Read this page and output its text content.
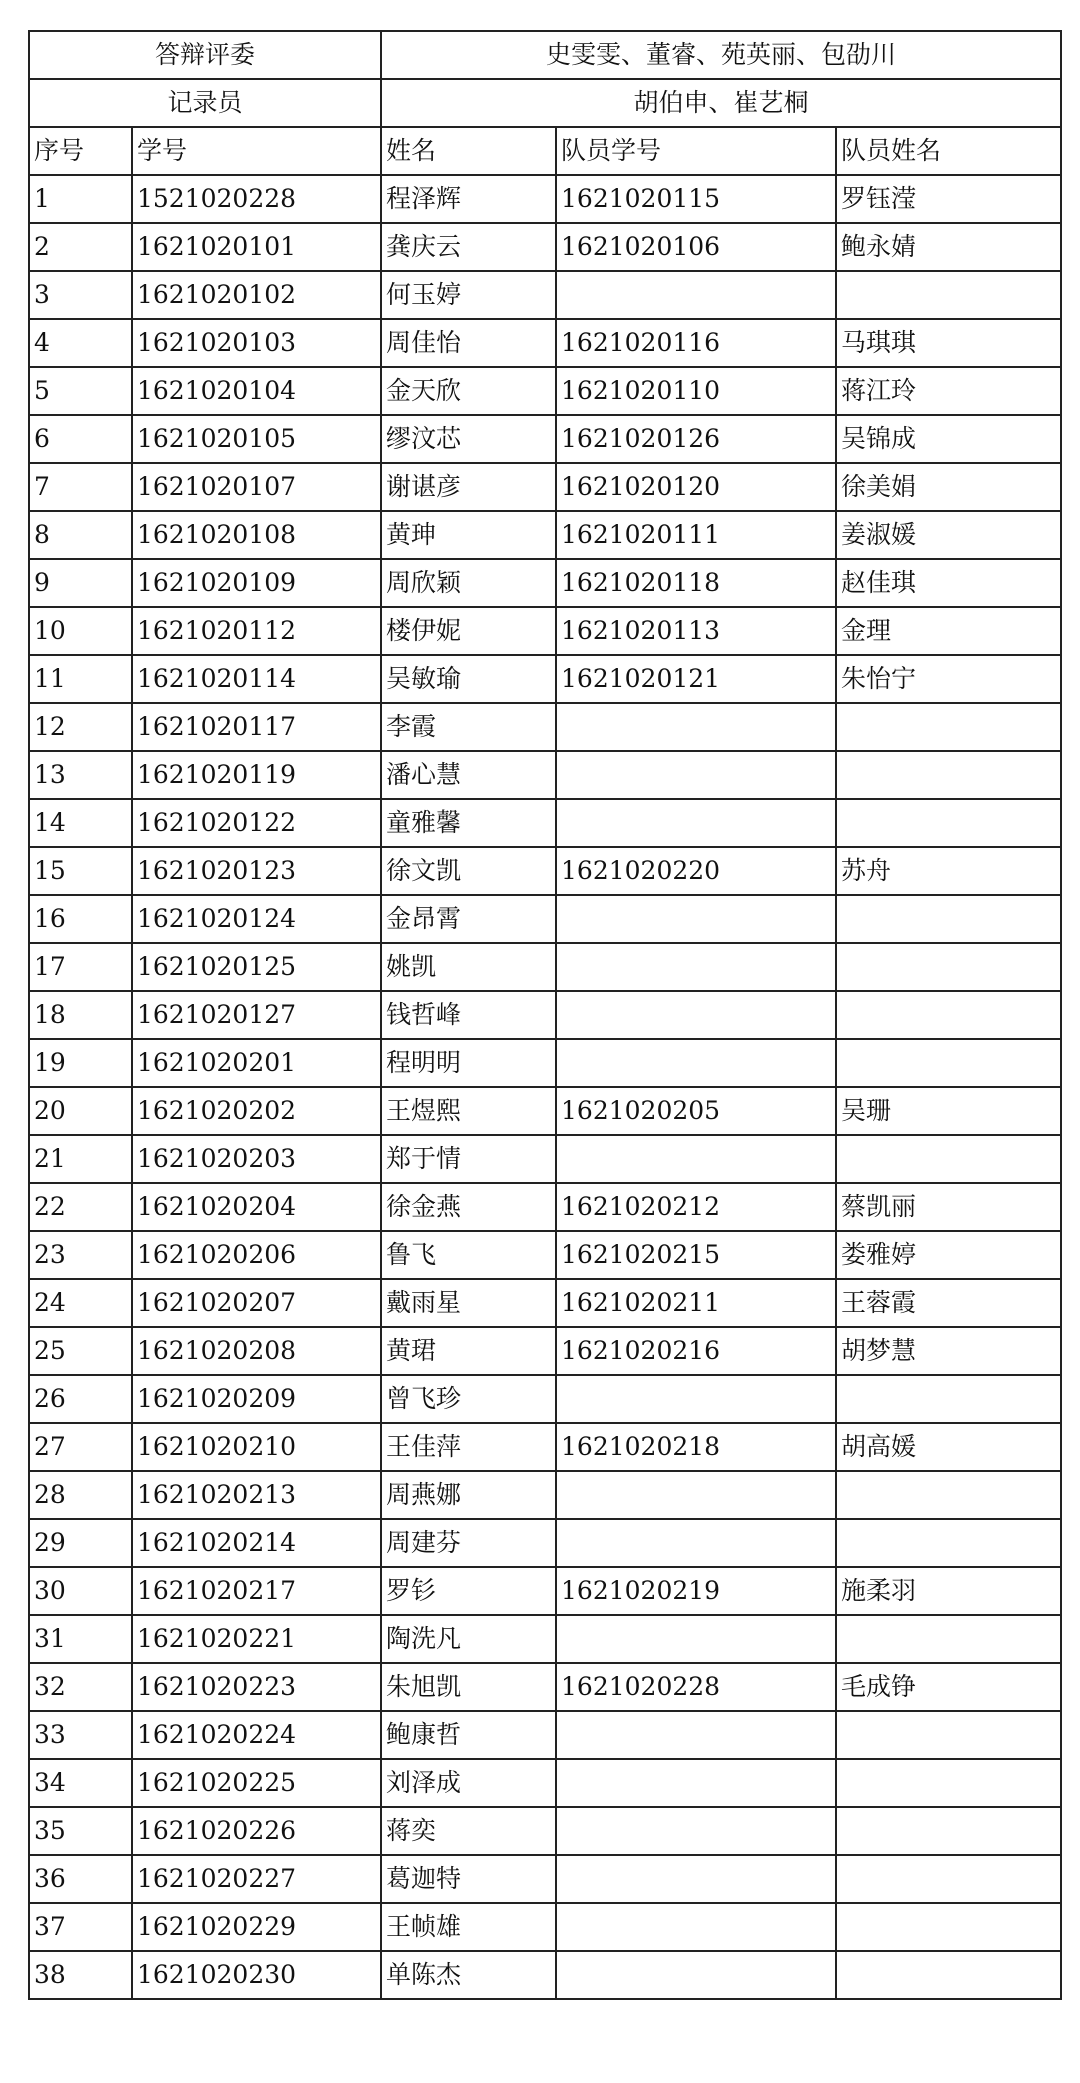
答辩评委		史雯雯、董睿、苑英丽、包劭川		
记录员		胡伯申、崔艺桐		
序号	学号	姓名	队员学号	队员姓名
1	1521020228	程泽辉	1621020115	罗钰滢
2	1621020101	龚庆云	1621020106	鲍永婧
3	1621020102	何玉婷		
4	1621020103	周佳怡	1621020116	马琪琪
5	1621020104	金天欣	1621020110	蒋江玲
6	1621020105	缪汶芯	1621020126	吴锦成
7	1621020107	谢谌彦	1621020120	徐美娟
8	1621020108	黄珅	1621020111	姜淑媛
9	1621020109	周欣颖	1621020118	赵佳琪
10	1621020112	楼伊妮	1621020113	金理
11	1621020114	吴敏瑜	1621020121	朱怡宁
12	1621020117	李霞		
13	1621020119	潘心慧		
14	1621020122	童雅馨		
15	1621020123	徐文凯	1621020220	苏舟
16	1621020124	金昂霄		
17	1621020125	姚凯		
18	1621020127	钱哲峰		
19	1621020201	程明明		
20	1621020202	王煜熙	1621020205	吴珊
21	1621020203	郑于情		
22	1621020204	徐金燕	1621020212	蔡凯丽
23	1621020206	鲁飞	1621020215	娄雅婷
24	1621020207	戴雨星	1621020211	王蓉霞
25	1621020208	黄珺	1621020216	胡梦慧
26	1621020209	曾飞珍		
27	1621020210	王佳萍	1621020218	胡高媛
28	1621020213	周燕娜		
29	1621020214	周建芬		
30	1621020217	罗钐	1621020219	施柔羽
31	1621020221	陶洗凡		
32	1621020223	朱旭凯	1621020228	毛成铮
33	1621020224	鲍康哲		
34	1621020225	刘泽成		
35	1621020226	蒋奕		
36	1621020227	葛迦特		
37	1621020229	王帧雄		
38	1621020230	单陈杰		
